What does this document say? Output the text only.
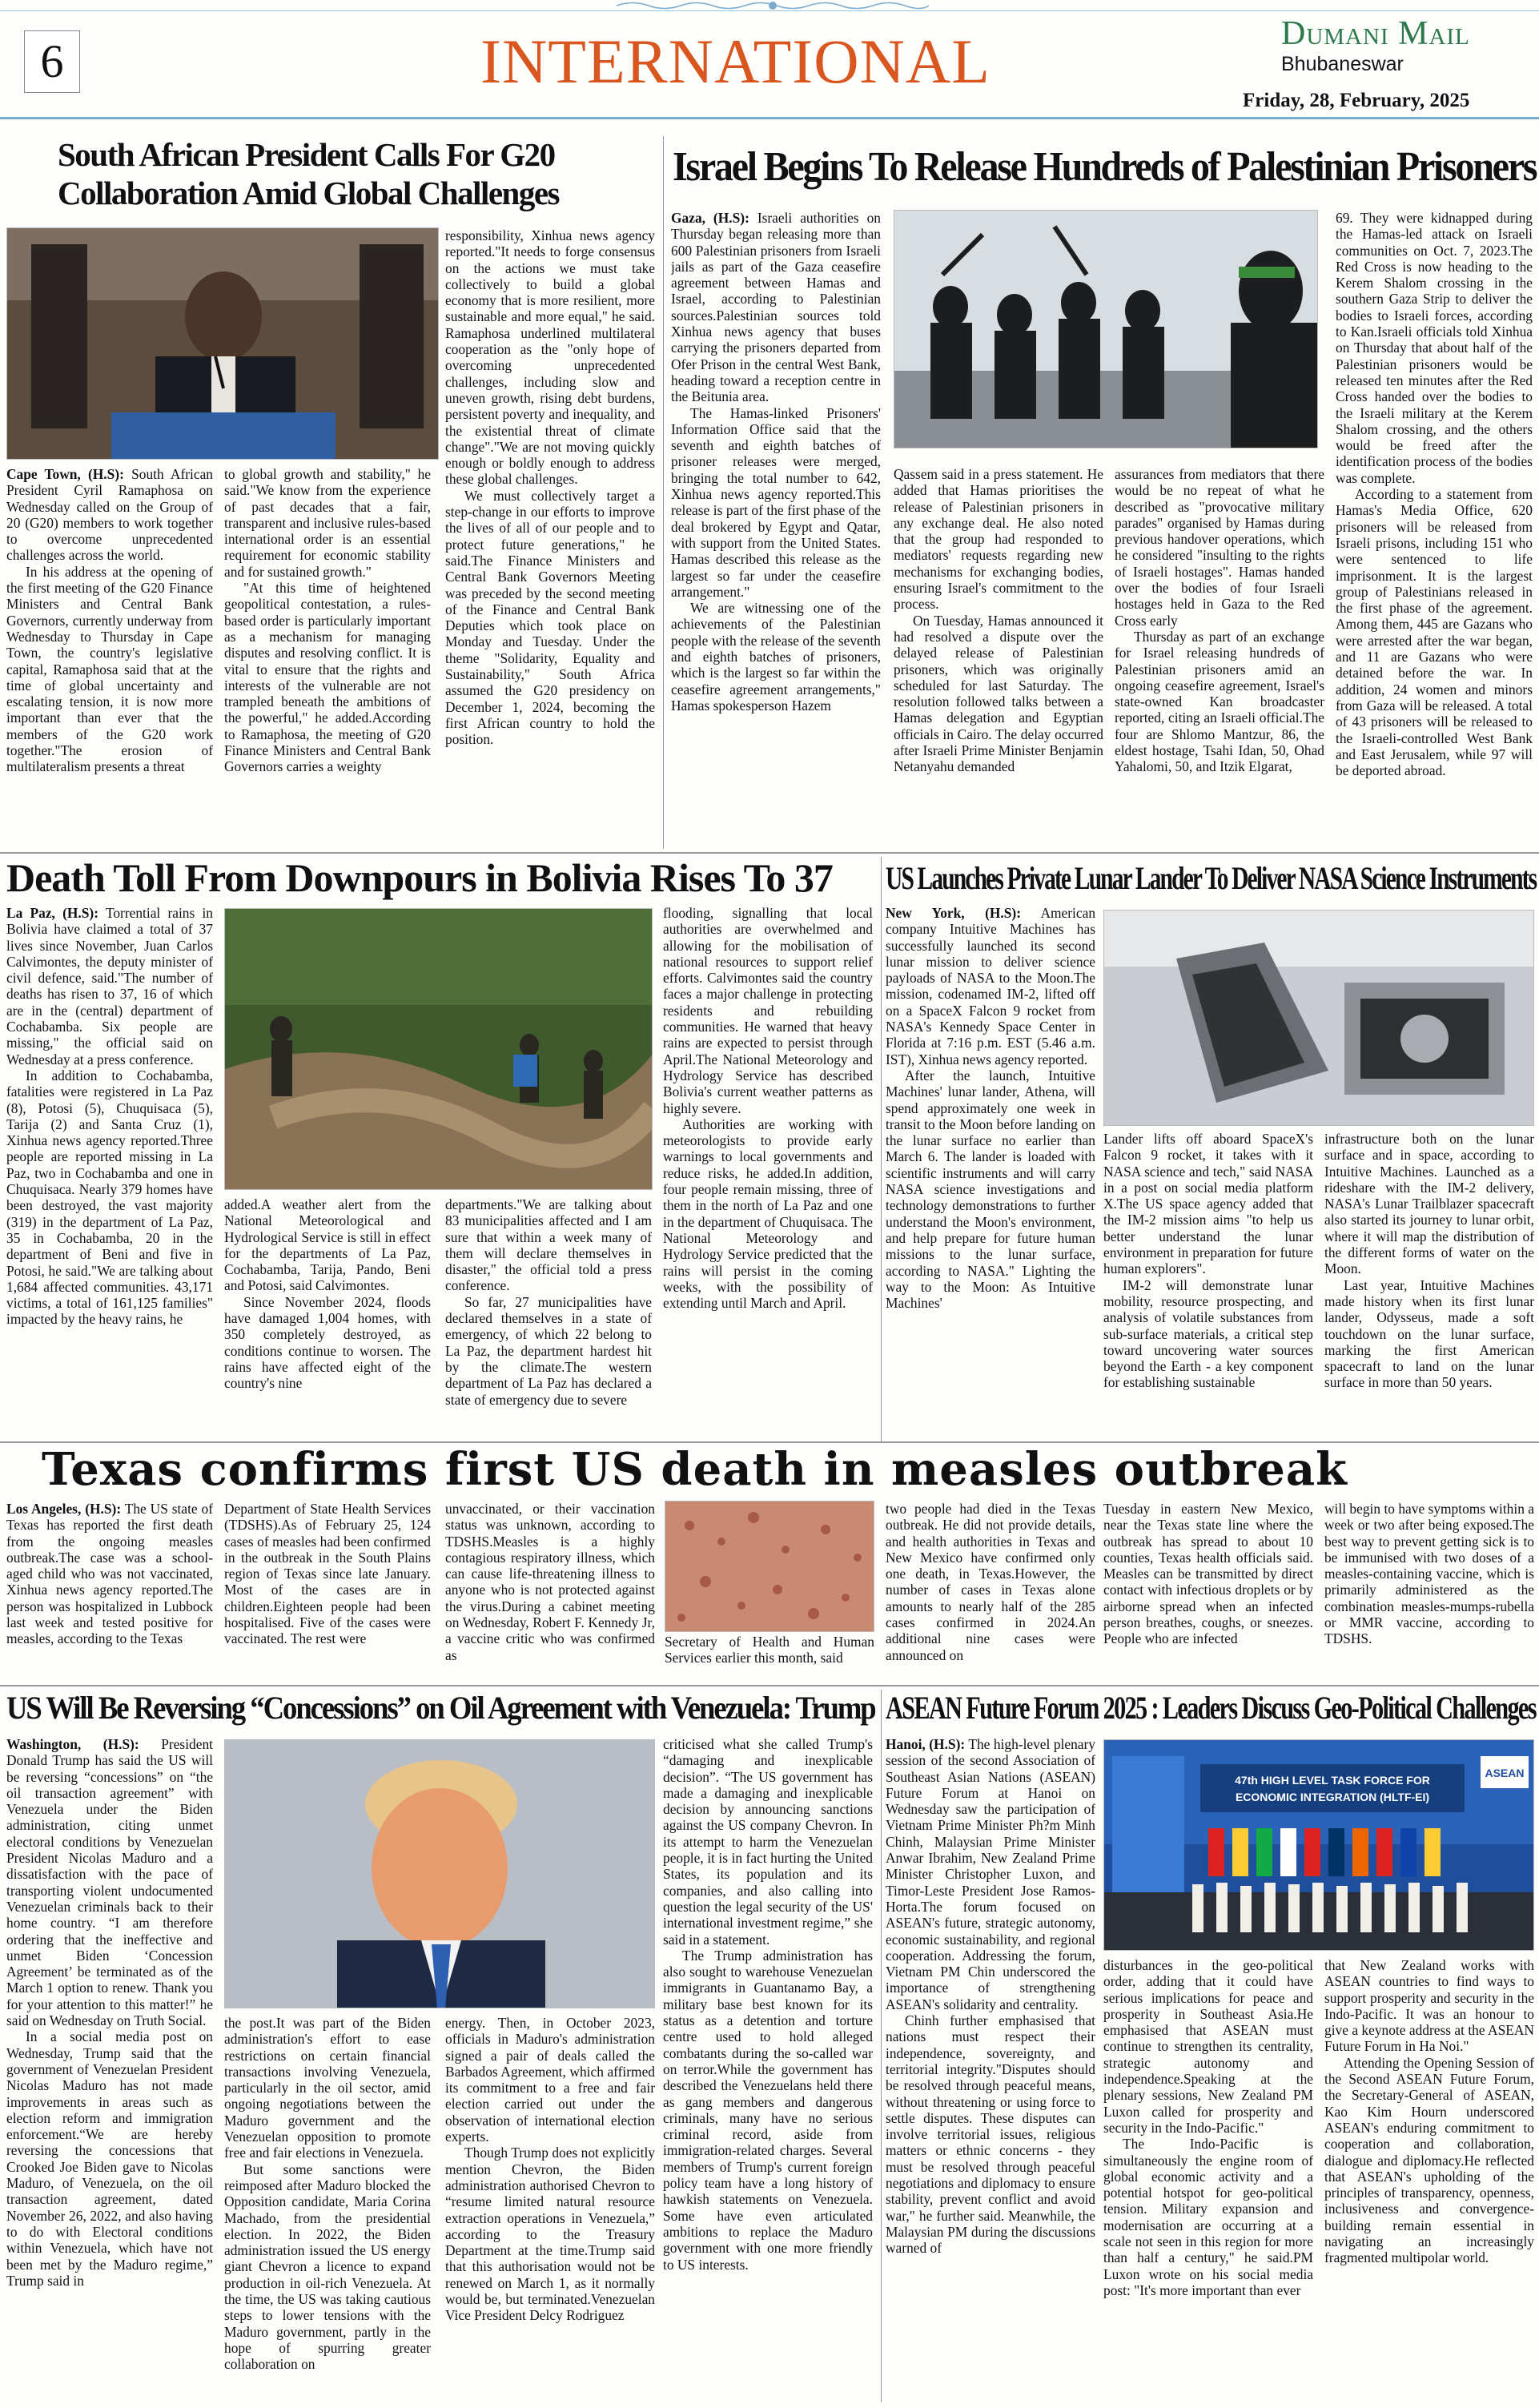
6	INTERNATIONAL	Dumani Mail
Bhubaneswar
Friday, 28, February, 2025
South African President Calls For G20
Collaboration Amid Global Challenges

Cape Town, (H.S): South African President Cyril Ramaphosa on Wednesday called on the Group of 20 (G20) members to work together to overcome unprecedented challenges across the world.

In his address at the opening of the first meeting of the G20 Finance Ministers and Central Bank Governors, currently underway from Wednesday to Thursday in Cape Town, the country's legislative capital, Ramaphosa said that at the time of global uncertainty and escalating tension, it is now more important than ever that the members of the G20 work together."The erosion of multilateralism presents a threat

to global growth and stability," he said."We know from the experience of past decades that a fair, transparent and inclusive rules-based international order is an essential requirement for economic stability and for sustained growth."

"At this time of heightened geopolitical contestation, a rules-based order is particularly important as a mechanism for managing disputes and resolving conflict. It is vital to ensure that the rights and interests of the vulnerable are not trampled beneath the ambitions of the powerful," he added.According to Ramaphosa, the meeting of G20 Finance Ministers and Central Bank Governors carries a weighty

responsibility, Xinhua news agency reported."It needs to forge consensus on the actions we must take collectively to build a global economy that is more resilient, more sustainable and more equal," he said. Ramaphosa underlined multilateral cooperation as the "only hope of overcoming unprecedented challenges, including slow and uneven growth, rising debt burdens, persistent poverty and inequality, and the existential threat of climate change"."We are not moving quickly enough or boldly enough to address these global challenges.

We must collectively target a step-change in our efforts to improve the lives of all of our people and to protect future generations," he said.The Finance Ministers and Central Bank Governors Meeting was preceded by the second meeting of the Finance and Central Bank Deputies which took place on Monday and Tuesday. Under the theme "Solidarity, Equality and Sustainability," South Africa assumed the G20 presidency on December 1, 2024, becoming the first African country to hold the position.

Israel Begins To Release Hundreds of Palestinian Prisoners

Gaza, (H.S): Israeli authorities on Thursday began releasing more than 600 Palestinian prisoners from Israeli jails as part of the Gaza ceasefire agreement between Hamas and Israel, according to Palestinian sources.Palestinian sources told Xinhua news agency that buses carrying the prisoners departed from Ofer Prison in the central West Bank, heading toward a reception centre in the Beitunia area.

The Hamas-linked Prisoners' Information Office said that the seventh and eighth batches of prisoner releases were merged, bringing the total number to 642, Xinhua news agency reported.This release is part of the first phase of the deal brokered by Egypt and Qatar, with support from the United States. Hamas described this release as the largest so far under the ceasefire arrangement."

We are witnessing one of the achievements of the Palestinian people with the release of the seventh and eighth batches of prisoners, which is the largest so far within the ceasefire agreement arrangements," Hamas spokesperson Hazem

Qassem said in a press statement. He added that Hamas prioritises the release of Palestinian prisoners in any exchange deal. He also noted that the group had responded to mediators' requests regarding new mechanisms for exchanging bodies, ensuring Israel's commitment to the process.

On Tuesday, Hamas announced it had resolved a dispute over the delayed release of Palestinian prisoners, which was originally scheduled for last Saturday. The resolution followed talks between a Hamas delegation and Egyptian officials in Cairo. The delay occurred after Israeli Prime Minister Benjamin Netanyahu demanded

assurances from mediators that there would be no repeat of what he described as "provocative military parades" organised by Hamas during previous handover operations, which he considered "insulting to the rights of Israeli hostages". Hamas handed over the bodies of four Israeli hostages held in Gaza to the Red Cross early

Thursday as part of an exchange for Israel releasing hundreds of Palestinian prisoners amid an ongoing ceasefire agreement, Israel's state-owned Kan broadcaster reported, citing an Israeli official.The four are Shlomo Mantzur, 86, the eldest hostage, Tsahi Idan, 50, Ohad Yahalomi, 50, and Itzik Elgarat,

69. They were kidnapped during the Hamas-led attack on Israeli communities on Oct. 7, 2023.The Red Cross is now heading to the Kerem Shalom crossing in the southern Gaza Strip to deliver the bodies to Israeli forces, according to Kan.Israeli officials told Xinhua on Thursday that about half of the Palestinian prisoners would be released ten minutes after the Red Cross handed over the bodies to the Israeli military at the Kerem Shalom crossing, and the others would be freed after the identification process of the bodies was complete.

According to a statement from Hamas's Media Office, 620 prisoners will be released from Israeli prisons, including 151 who were sentenced to life imprisonment. It is the largest group of Palestinians released in the first phase of the agreement. Among them, 445 are Gazans who were arrested after the war began, and 11 are Gazans who were detained before the war. In addition, 24 women and minors from Gaza will be released. A total of 43 prisoners will be released to the Israeli-controlled West Bank and East Jerusalem, while 97 will be deported abroad.

Death Toll From Downpours in Bolivia Rises To 37

La Paz, (H.S): Torrential rains in Bolivia have claimed a total of 37 lives since November, Juan Carlos Calvimontes, the deputy minister of civil defence, said."The number of deaths has risen to 37, 16 of which are in the (central) department of Cochabamba. Six people are missing," the official said on Wednesday at a press conference.

In addition to Cochabamba, fatalities were registered in La Paz (8), Potosi (5), Chuquisaca (5), Tarija (2) and Santa Cruz (1), Xinhua news agency reported.Three people are reported missing in La Paz, two in Cochabamba and one in Chuquisaca. Nearly 379 homes have been destroyed, the vast majority (319) in the department of La Paz, 35 in Cochabamba, 20 in the department of Beni and five in Potosi, he said."We are talking about 1,684 affected communities. 43,171 victims, a total of 161,125 families" impacted by the heavy rains, he

added.A weather alert from the National Meteorological and Hydrological Service is still in effect for the departments of La Paz, Cochabamba, Tarija, Pando, Beni and Potosi, said Calvimontes.

Since November 2024, floods have damaged 1,004 homes, with 350 completely destroyed, as conditions continue to worsen. The rains have affected eight of the country's nine

departments."We are talking about 83 municipalities affected and I am sure that within a week many of them will declare themselves in disaster," the official told a press conference.

So far, 27 municipalities have declared themselves in a state of emergency, of which 22 belong to La Paz, the department hardest hit by the climate.The western department of La Paz has declared a state of emergency due to severe

flooding, signalling that local authorities are overwhelmed and allowing for the mobilisation of national resources to support relief efforts. Calvimontes said the country faces a major challenge in protecting residents and rebuilding communities. He warned that heavy rains are expected to persist through April.The National Meteorology and Hydrology Service has described Bolivia's current weather patterns as highly severe.

Authorities are working with meteorologists to provide early warnings to local governments and reduce risks, he added.In addition, four people remain missing, three of them in the north of La Paz and one in the department of Chuquisaca. The National Meteorology and Hydrology Service predicted that the rains will persist in the coming weeks, with the possibility of extending until March and April.

US Launches Private Lunar Lander To Deliver NASA Science Instruments

New York, (H.S): American company Intuitive Machines has successfully launched its second lunar mission to deliver science payloads of NASA to the Moon.The mission, codenamed IM-2, lifted off on a SpaceX Falcon 9 rocket from NASA's Kennedy Space Center in Florida at 7:16 p.m. EST (5.46 a.m. IST), Xinhua news agency reported.

After the launch, Intuitive Machines' lunar lander, Athena, will spend approximately one week in transit to the Moon before landing on the lunar surface no earlier than March 6. The lander is loaded with scientific instruments and will carry NASA science investigations and technology demonstrations to further understand the Moon's environment, and help prepare for future human missions to the lunar surface, according to NASA." Lighting the way to the Moon: As Intuitive Machines'

Lander lifts off aboard SpaceX's Falcon 9 rocket, it takes with it NASA science and tech," said NASA in a post on social media platform X.The US space agency added that the IM-2 mission aims "to help us better understand the lunar environment in preparation for future human explorers".

IM-2 will demonstrate lunar mobility, resource prospecting, and analysis of volatile substances from sub-surface materials, a critical step toward uncovering water sources beyond the Earth - a key component for establishing sustainable

infrastructure both on the lunar surface and in space, according to Intuitive Machines. Launched as a rideshare with the IM-2 delivery, NASA's Lunar Trailblazer spacecraft also started its journey to lunar orbit, where it will map the distribution of the different forms of water on the Moon.

Last year, Intuitive Machines made history when its first lunar lander, Odysseus, made a soft touchdown on the lunar surface, marking the first American spacecraft to land on the lunar surface in more than 50 years.

Texas confirms first US death in measles outbreak

Los Angeles, (H.S): The US state of Texas has reported the first death from the ongoing measles outbreak.The case was a school-aged child who was not vaccinated, Xinhua news agency reported.The person was hospitalized in Lubbock last week and tested positive for measles, according to the Texas

Department of State Health Services (TDSHS).As of February 25, 124 cases of measles had been confirmed in the outbreak in the South Plains region of Texas since late January. Most of the cases are in children.Eighteen people had been hospitalised. Five of the cases were vaccinated. The rest were

unvaccinated, or their vaccination status was unknown, according to TDSHS.Measles is a highly contagious respiratory illness, which can cause life-threatening illness to anyone who is not protected against the virus.During a cabinet meeting on Wednesday, Robert F. Kennedy Jr, a vaccine critic who was confirmed as

Secretary of Health and Human Services earlier this month, said

two people had died in the Texas outbreak. He did not provide details, and health authorities in Texas and New Mexico have confirmed only one death, in Texas.However, the number of cases in Texas alone amounts to nearly half of the 285 cases confirmed in 2024.An additional nine cases were announced on

Tuesday in eastern New Mexico, near the Texas state line where the outbreak has spread to about 10 counties, Texas health officials said. Measles can be transmitted by direct contact with infectious droplets or by airborne spread when an infected person breathes, coughs, or sneezes. People who are infected

will begin to have symptoms within a week or two after being exposed.The best way to prevent getting sick is to be immunised with two doses of a measles-containing vaccine, which is primarily administered as the combination measles-mumps-rubella or MMR vaccine, according to TDSHS.

US Will Be Reversing “Concessions” on Oil Agreement with Venezuela: Trump

Washington, (H.S): President Donald Trump has said the US will be reversing “concessions” on “the oil transaction agreement” with Venezuela under the Biden administration, citing unmet electoral conditions by Venezuelan President Nicolas Maduro and a dissatisfaction with the pace of transporting violent undocumented Venezuelan criminals back to their home country. “I am therefore ordering that the ineffective and unmet Biden ‘Concession Agreement’ be terminated as of the March 1 option to renew. Thank you for your attention to this matter!” he said on Wednesday on Truth Social.

In a social media post on Wednesday, Trump said that the government of Venezuelan President Nicolas Maduro has not made improvements in areas such as election reform and immigration enforcement.“We are hereby reversing the concessions that Crooked Joe Biden gave to Nicolas Maduro, of Venezuela, on the oil transaction agreement, dated November 26, 2022, and also having to do with Electoral conditions within Venezuela, which have not been met by the Maduro regime,” Trump said in

the post.It was part of the Biden administration's effort to ease restrictions on certain financial transactions involving Venezuela, particularly in the oil sector, amid ongoing negotiations between the Maduro government and the Venezuelan opposition to promote free and fair elections in Venezuela.

But some sanctions were reimposed after Maduro blocked the Opposition candidate, Maria Corina Machado, from the presidential election. In 2022, the Biden administration issued the US energy giant Chevron a licence to expand production in oil-rich Venezuela. At the time, the US was taking cautious steps to lower tensions with the Maduro government, partly in the hope of spurring greater collaboration on

energy. Then, in October 2023, officials in Maduro's administration signed a pair of deals called the Barbados Agreement, which affirmed its commitment to a free and fair election carried out under the observation of international election experts.

Though Trump does not explicitly mention Chevron, the Biden administration authorised Chevron to “resume limited natural resource extraction operations in Venezuela,” according to the Treasury Department at the time.Trump said that this authorisation would not be renewed on March 1, as it normally would be, but terminated.Venezuelan Vice President Delcy Rodriguez

criticised what she called Trump's “damaging and inexplicable decision”. “The US government has made a damaging and inexplicable decision by announcing sanctions against the US company Chevron. In its attempt to harm the Venezuelan people, it is in fact hurting the United States, its population and its companies, and also calling into question the legal security of the US' international investment regime,” she said in a statement.

The Trump administration has also sought to warehouse Venezuelan immigrants in Guantanamo Bay, a military base best known for its status as a detention and torture centre used to hold alleged combatants during the so-called war on terror.While the government has described the Venezuelans held there as gang members and dangerous criminals, many have no serious criminal record, aside from immigration-related charges. Several members of Trump's current foreign policy team have a long history of hawkish statements on Venezuela. Some have even articulated ambitions to replace the Maduro government with one more friendly to US interests.

ASEAN Future Forum 2025 : Leaders Discuss Geo-Political Challenges

Hanoi, (H.S): The high-level plenary session of the second Association of Southeast Asian Nations (ASEAN) Future Forum at Hanoi on Wednesday saw the participation of Vietnam Prime Minister Ph?m Minh Chinh, Malaysian Prime Minister Anwar Ibrahim, New Zealand Prime Minister Christopher Luxon, and Timor-Leste President Jose Ramos-Horta.The forum focused on ASEAN's future, strategic autonomy, economic sustainability, and regional cooperation. Addressing the forum, Vietnam PM Chin underscored the importance of strengthening ASEAN's solidarity and centrality.

Chinh further emphasised that nations must respect their independence, sovereignty, and territorial integrity."Disputes should be resolved through peaceful means, without threatening or using force to settle disputes. These disputes can involve territorial issues, religious matters or ethnic concerns - they must be resolved through peaceful negotiations and diplomacy to ensure stability, prevent conflict and avoid war," he further said. Meanwhile, the Malaysian PM during the discussions warned of

47th HIGH LEVEL TASK FORCE FOR
ECONOMIC INTEGRATION (HLTF-EI)
ASEAN

disturbances in the geo-political order, adding that it could have serious implications for peace and prosperity in Southeast Asia.He emphasised that ASEAN must continue to strengthen its centrality, strategic autonomy and independence.Speaking at the plenary sessions, New Zealand PM Luxon called for prosperity and security in the Indo-Pacific."

The Indo-Pacific is simultaneously the engine room of global economic activity and a potential hotspot for geo-political tension. Military expansion and modernisation are occurring at a scale not seen in this region for more than half a century," he said.PM Luxon wrote on his social media post: "It's more important than ever

that New Zealand works with ASEAN countries to find ways to support prosperity and security in the Indo-Pacific. It was an honour to give a keynote address at the ASEAN Future Forum in Ha Noi."

Attending the Opening Session of the Second ASEAN Future Forum, the Secretary-General of ASEAN, Kao Kim Hourn underscored ASEAN's enduring commitment to cooperation and collaboration, dialogue and diplomacy.He reflected that ASEAN's upholding of the principles of transparency, openness, inclusiveness and convergence-building remain essential in navigating an increasingly fragmented multipolar world.
